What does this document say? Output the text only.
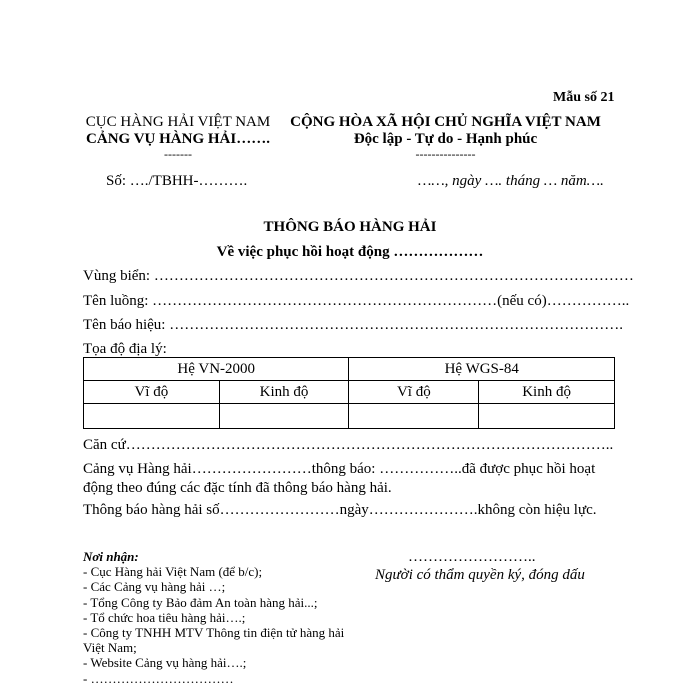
Mẫu số 21
CỤC HÀNG HẢI VIỆT NAM
CẢNG VỤ HÀNG HẢI…….
-------
CỘNG HÒA XÃ HỘI CHỦ NGHĨA VIỆT NAM
Độc lập - Tự do - Hạnh phúc
---------------
Số: …./TBHH-……….	……, ngày …. tháng … năm….
THÔNG BÁO HÀNG HẢI
Về việc phục hồi hoạt động ………………
Vùng biển: ……………………………………………………………………………………
Tên luồng: ……………………………………………………………(nếu có)……………..
Tên báo hiệu: ……………………………………………………………………………….
Tọa độ địa lý:
Hệ VN-2000		Hệ WGS-84	
Vĩ độ	Kinh độ	Vĩ độ	Kinh độ

Căn cứ……………………………………………………………………………………..
Cảng vụ Hàng hải……………………thông báo: ……………..đã được phục hồi hoạt
động theo đúng các đặc tính đã thông báo hàng hải.
Thông báo hàng hải số……………………ngày………………….không còn hiệu lực.
Nơi nhận:
- Cục Hàng hải Việt Nam (để b/c);
- Các Cảng vụ hàng hải …;
- Tổng Công ty Bảo đảm An toàn hàng hải...;
- Tổ chức hoa tiêu hàng hải….;
- Công ty TNHH MTV Thông tin điện tử hàng hải
Việt Nam;
- Website Cảng vụ hàng hải….;
- ……………………………
……………………..
Người có thẩm quyền ký, đóng dấu
